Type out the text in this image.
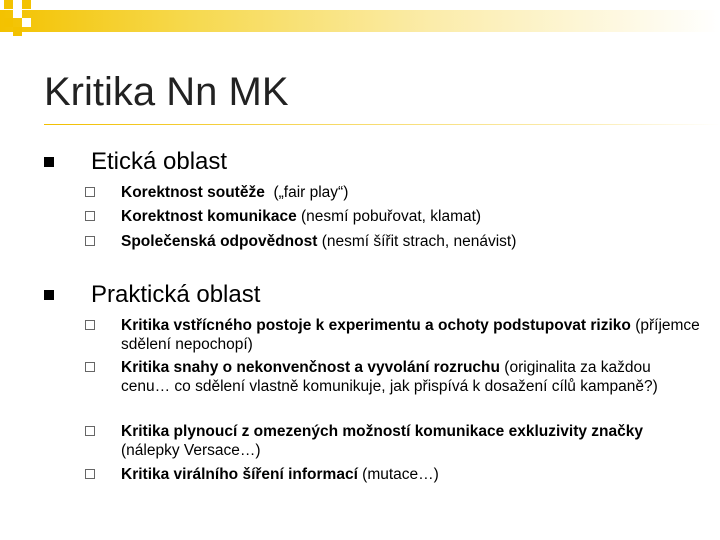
Kritika Nn MK
Etická oblast
Korektnost soutěže  („fair play“)
Korektnost komunikace (nesmí pobuřovat, klamat)
Společenská odpovědnost (nesmí šířit strach, nenávist)
Praktická oblast
Kritika vstřícného postoje k experimentu a ochoty podstupovat riziko (příjemce sdělení nepochopí)
Kritika snahy o nekonvenčnost a vyvolání rozruchu (originalita za každou cenu… co sdělení vlastně komunikuje, jak přispívá k dosažení cílů kampaně?)
Kritika plynoucí z omezených možností komunikace exkluzivity značky (nálepky Versace…)
Kritika virálního šíření informací (mutace…)
